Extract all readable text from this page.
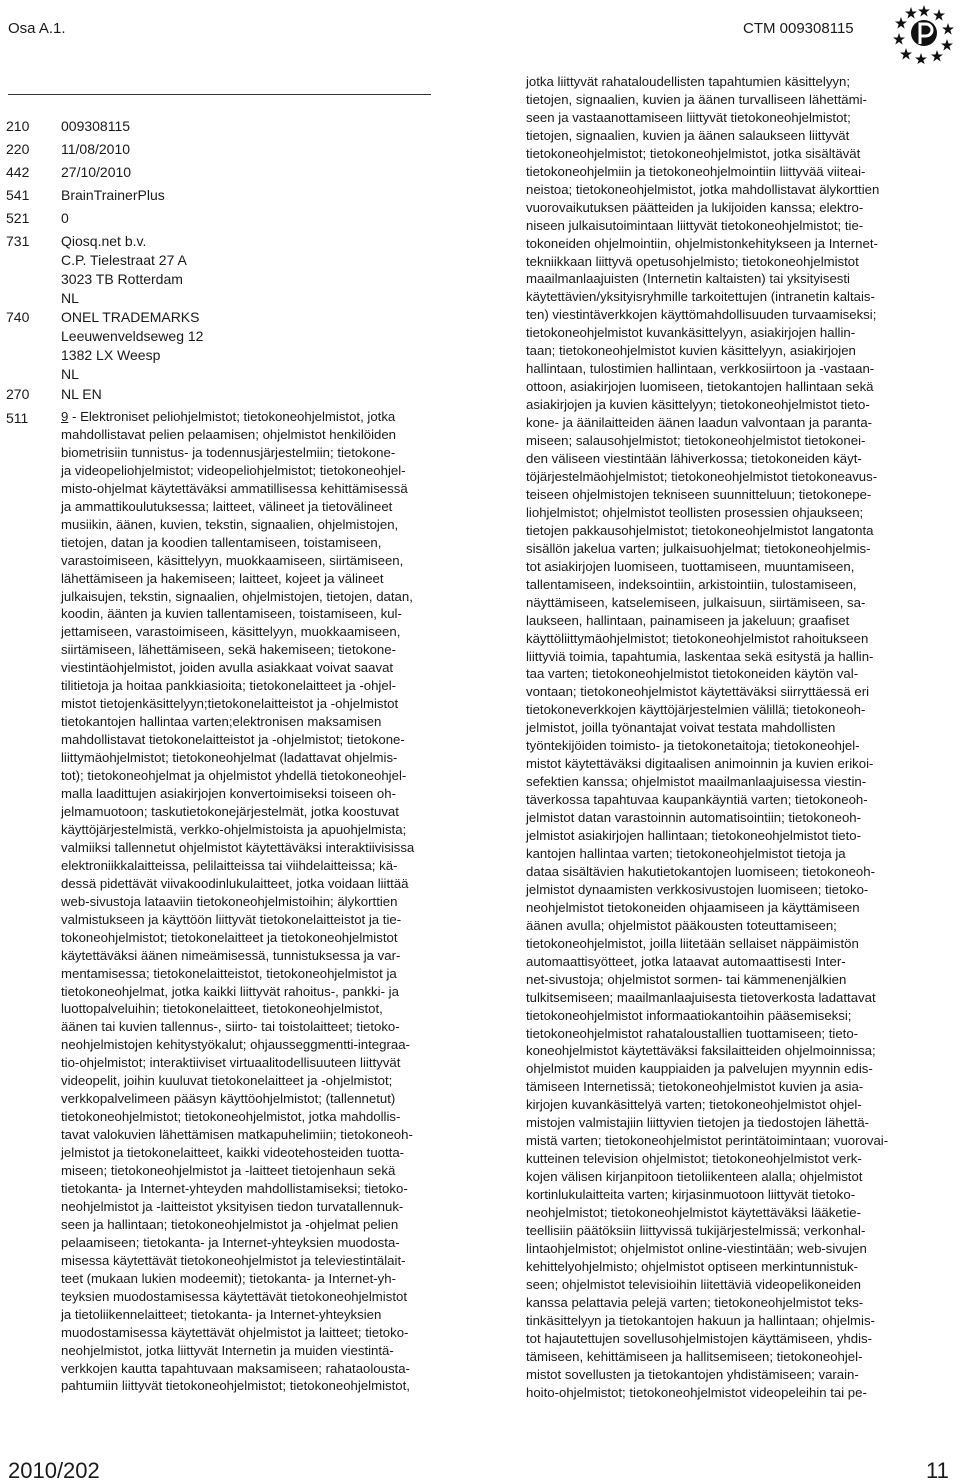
Osa A.1.	CTM 009308115
210	009308115
220	11/08/2010
442	27/10/2010
541	BrainTrainerPlus
521	0
731	Qiosq.net b.v.
C.P. Tielestraat 27 A
3023 TB Rotterdam
NL
740	ONEL TRADEMARKS
Leeuwenveldseweg 12
1382 LX Weesp
NL
270	NL EN
511	9 - Elektroniset peliohjelmistot; tietokoneohjelmistot, jotka
mahdollistavat pelien pelaamisen; ohjelmistot henkilöiden
biometrisiin tunnistus- ja todennusjärjestelmiin; tietokone-
ja videopeliohjelmistot; videopeliohjelmistot; tietokoneohjel-
misto-ohjelmat käytettäväksi ammatillisessa kehittämisessä
ja ammattikoulutuksessa; laitteet, välineet ja tietovälineet
musiikin, äänen, kuvien, tekstin, signaalien, ohjelmistojen,
tietojen, datan ja koodien tallentamiseen, toistamiseen,
varastoimiseen, käsittelyyn, muokkaamiseen, siirtämiseen,
lähettämiseen ja hakemiseen; laitteet, kojeet ja välineet
julkaisujen, tekstin, signaalien, ohjelmistojen, tietojen, datan,
koodin, äänten ja kuvien tallentamiseen, toistamiseen, kul-
jettamiseen, varastoimiseen, käsittelyyn, muokkaamiseen,
siirtämiseen, lähettämiseen, sekä hakemiseen; tietokone-
viestintäohjelmistot, joiden avulla asiakkaat voivat saavat
tilitietoja ja hoitaa pankkiasioita; tietokonelaitteet ja -ohjel-
mistot tietojenkäsittelyyn;tietokonelaitteistot ja -ohjelmistot
tietokantojen hallintaa varten;elektronisen maksamisen
mahdollistavat tietokonelaitteistot ja -ohjelmistot; tietokone-
liittymäohjelmistot; tietokoneohjelmat (ladattavat ohjelmis-
tot); tietokoneohjelmat ja ohjelmistot yhdellä tietokoneohjel-
malla laadittujen asiakirjojen konvertoimiseksi toiseen oh-
jelmamuotoon; taskutietokonejärjestelmät, jotka koostuvat
käyttöjärjestelmistä, verkko-ohjelmistoista ja apuohjelmista;
valmiiksi tallennetut ohjelmistot käytettäväksi interaktiivisissa
elektroniikkalaitteissa, pelilaitteissa tai viihdelaitteissa; kä-
dessä pidettävät viivakoodinlukulaitteet, jotka voidaan liittää
web-sivustoja lataaviin tietokoneohjelmistoihin; älykorttien
valmistukseen ja käyttöön liittyvät tietokonelaitteistot ja tie-
tokoneohjelmistot; tietokonelaitteet ja tietokoneohjelmistot
käytettäväksi äänen nimeämisessä, tunnistuksessa ja var-
mentamisessa; tietokonelaitteistot, tietokoneohjelmistot ja
tietokoneohjelmat, jotka kaikki liittyvät rahoitus-, pankki- ja
luottopalveluihin; tietokonelaitteet, tietokoneohjelmistot,
äänen tai kuvien tallennus-, siirto- tai toistolaitteet; tietoko-
neohjelmistojen kehitystyökalut; ohjausseggmentti-integraa-
tio-ohjelmistot; interaktiiviset virtuaalitodellisuuteen liittyvät
videopelit, joihin kuuluvat tietokonelaitteet ja -ohjelmistot;
verkkopalvelimeen pääsyn käyttöohjelmistot; (tallennetut)
tietokoneohjelmistot; tietokoneohjelmistot, jotka mahdollis-
tavat valokuvien lähettämisen matkapuhelimiin; tietokoneoh-
jelmistot ja tietokonelaitteet, kaikki videotehosteiden tuotta-
miseen; tietokoneohjelmistot ja -laitteet tietojenhaun sekä
tietokanta- ja Internet-yhteyden mahdollistamiseksi; tietoko-
neohjelmistot ja -laitteistot yksityisen tiedon turvatallennuk-
seen ja hallintaan; tietokoneohjelmistot ja -ohjelmat pelien
pelaamiseen; tietokanta- ja Internet-yhteyksien muodosta-
misessa käytettävät tietokoneohjelmistot ja televiestintälait-
teet (mukaan lukien modeemit); tietokanta- ja Internet-yh-
teyksien muodostamisessa käytettävät tietokoneohjelmistot
ja tietoliikennelaitteet; tietokanta- ja Internet-yhteyksien
muodostamisessa käytettävät ohjelmistot ja laitteet; tietoko-
neohjelmistot, jotka liittyvät Internetin ja muiden viestintä-
verkkojen kautta tapahtuvaan maksamiseen; rahataolousta-
pahtumiin liittyvät tietokoneohjelmistot; tietokoneohjelmistot,
jotka liittyvät rahataloudellisten tapahtumien käsittelyyn;
tietojen, signaalien, kuvien ja äänen turvalliseen lähettämi-
seen ja vastaanottamiseen liittyvät tietokoneohjelmistot;
tietojen, signaalien, kuvien ja äänen salaukseen liittyvät
tietokoneohjelmistot; tietokoneohjelmistot, jotka sisältävät
tietokoneohjelmiin ja tietokoneohjelmointiin liittyvää viiteai-
neistoa; tietokoneohjelmistot, jotka mahdollistavat älykorttien
vuorovaikutuksen päätteiden ja lukijoiden kanssa; elektro-
niseen julkaisutoimintaan liittyvät tietokoneohjelmistot; tie-
tokoneiden ohjelmointiin, ohjelmistonkehitykseen ja Internet-
tekniikkaan liittyvä opetusohjelmisto; tietokoneohjelmistot
maailmanlaajuisten (Internetin kaltaisten) tai yksityisesti
käytettävien/yksityisryhmille tarkoitettujen (intranetin kaltais-
ten) viestintäverkkojen käyttömahdollisuuden turvaamiseksi;
tietokoneohjelmistot kuvankäsittelyyn, asiakirjojen hallin-
taan; tietokoneohjelmistot kuvien käsittelyyn, asiakirjojen
hallintaan, tulostimien hallintaan, verkkosiirtoon ja -vastaan-
ottoon, asiakirjojen luomiseen, tietokantojen hallintaan sekä
asiakirjojen ja kuvien käsittelyyn; tietokoneohjelmistot tieto-
kone- ja äänilaitteiden äänen laadun valvontaan ja paranta-
miseen; salausohjelmistot; tietokoneohjelmistot tietokonei-
den väliseen viestintään lähiverkossa; tietokoneiden käyt-
töjärjestelmäohjelmistot; tietokoneohjelmistot tietokoneavus-
teiseen ohjelmistojen tekniseen suunnitteluun; tietokonepe-
liohjelmistot; ohjelmistot teollisten prosessien ohjaukseen;
tietojen pakkausohjelmistot; tietokoneohjelmistot langatonta
sisällön jakelua varten; julkaisuohjelmat; tietokoneohjelmis-
tot asiakirjojen luomiseen, tuottamiseen, muuntamiseen,
tallentamiseen, indeksointiin, arkistointiin, tulostamiseen,
näyttämiseen, katselemiseen, julkaisuun, siirtämiseen, sa-
laukseen, hallintaan, painamiseen ja jakeluun; graafiset
käyttöliittymäohjelmistot; tietokoneohjelmistot rahoitukseen
liittyviä toimia, tapahtumia, laskentaa sekä esitystä ja hallin-
taa varten; tietokoneohjelmistot tietokoneiden käytön val-
vontaan; tietokoneohjelmistot käytettäväksi siirryttäessä eri
tietokoneverkkojen käyttöjärjestelmien välillä; tietokoneoh-
jelmistot, joilla työnantajat voivat testata mahdollisten
työntekijöiden toimisto- ja tietokonetaitoja; tietokoneohjel-
mistot käytettäväksi digitaalisen animoinnin ja kuvien erikoi-
sefektien kanssa; ohjelmistot maailmanlaajuisessa viestin-
täverkossa tapahtuvaa kaupankäyntiä varten; tietokoneoh-
jelmistot datan varastoinnin automatisointiin; tietokoneoh-
jelmistot asiakirjojen hallintaan; tietokoneohjelmistot tieto-
kantojen hallintaa varten; tietokoneohjelmistot tietoja ja
dataa sisältävien hakutietokantojen luomiseen; tietokoneoh-
jelmistot dynaamisten verkkosivustojen luomiseen; tietoko-
neohjelmistot tietokoneiden ohjaamiseen ja käyttämiseen
äänen avulla; ohjelmistot pääkousten toteuttamiseen;
tietokoneohjelmistot, joilla liitetään sellaiset näppäimistön
automaattisyötteet, jotka lataavat automaattisesti Inter-
net-sivustoja; ohjelmistot sormen- tai kämmenenjälkien
tulkitsemiseen; maailmanlaajuisesta tietoverkosta ladattavat
tietokoneohjelmistot informaatiokantoihin pääsemiseksi;
tietokoneohjelmistot rahataloustallien tuottamiseen; tieto-
koneohjelmistot käytettäväksi faksilaitteiden ohjelmoinnissa;
ohjelmistot muiden kauppiaiden ja palvelujen myynnin edis-
tämiseen Internetissä; tietokoneohjelmistot kuvien ja asia-
kirjojen kuvankäsittelyä varten; tietokoneohjelmistot ohjel-
mistojen valmistajiin liittyvien tietojen ja tiedostojen lähettä-
mistä varten; tietokoneohjelmistot perintätoimintaan; vuorovai-
kutteinen television ohjelmistot; tietokoneohjelmistot verk-
kojen välisen kirjanpitoon tietoliikenteen alalla; ohjelmistot
kortinlukulaitteita varten; kirjasinmuotoon liittyvät tietoko-
neohjelmistot; tietokoneohjelmistot käytettäväksi lääketie-
teellisiin päätöksiin liittyvissä tukijärjestelmissä; verkonhal-
lintaohjelmistot; ohjelmistot online-viestintään; web-sivujen
kehittelyohjelmisto; ohjelmistot optiseen merkintunnistuk-
seen; ohjelmistot televisioihin liitettäviä videopelikoneiden
kanssa pelattavia pelejä varten; tietokoneohjelmistot teks-
tinkäsittelyyn ja tietokantojen hakuun ja hallintaan; ohjelmis-
tot hajautettujen sovellusohjelmistojen käyttämiseen, yhdis-
tämiseen, kehittämiseen ja hallitsemiseen; tietokoneohjel-
mistot sovellusten ja tietokantojen yhdistämiseen; varain-
hoito-ohjelmistot; tietokoneohjelmistot videopeleihin tai pe-
2010/202	11
